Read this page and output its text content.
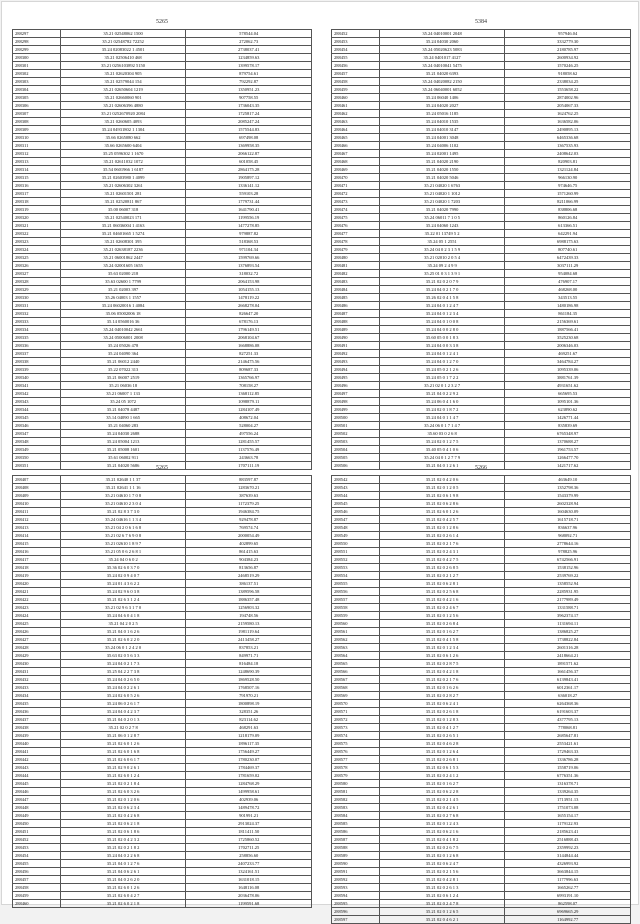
5265
288297	35.21 02548062 1500	578544.04
288298	35.21 02548782 72252	272062.73
288299	35.24 02083022 1 4501	2738037.41
288300	35.21 02506410 468	1234859.63
288301	35.21 0256103892 5150	1399578.17
288302	35.21 02620304 905	879754.61
288303	35.21 02579044 154	792292.87
288304	35.21 02650604 1219	1350951.23
288305	35.21 02660060 901	907758.55
288306	35.21 02606396 4880	1736043.35
288307	35.21 0252670920 2084	1725817.24
288308	35.21 0260605 4093	2085247.24
288309	35.24 04931802 1 1304	1575544.83
288310	35.66 0265080 662	697498.08
288311	35.66 0265600 6404	1369958.35
288312	35.25 0596302 1 1670	2066122.87
288313	35.21 02611032 1072	601058.45
288314	35.54 0601966 1 6187	2864175.28
288315	35.21 02603980 1 4099	1905897.12
288316	35.21 02606302 3261	1336141.12
288317	35.21 02601501 281	559103.28
288318	35.21 02520811 867	1779731.44
288319	35.00 06007 318	1641790.41
288320	35.21 02540023 171	1199556.19
288321	35.21 06036004 1 4163	1477278.85
288322	35.21 04601665 1 5274	979887.82
288323	35.21 02608301 395	518368.53
288324	35.21 02638187 2236	971104.34
288325	35.21 06001862 2447	1599769.66
288326	35.24 02001605 1655	1376893.54
288327	35.63 02000 218	318032.72
288328	35.63 02600 1 7799	2064153.98
288329	35.21 02003 397	1054155.13
288330	35.26 04003 1 1557	1478119.22
288331	35.24 06020016 1 4084	2668278.04
288332	35.06 05002006 18	826647.20
288333	35.14 0560016 36	678176.13
288334	35.24 04010042 2661	1796149.51
288335	35.24 05006001 2008	2068104.67
288336	35.24 05026 478	1668886.08
288337	35.24 04090 364	827251.33
288338	35.21 06012 2440	2146475.56
288339	35.22 07022 313	809687.33
288340	35.21 06007 2519	1365766.97
288341	35.21 06036 18	708158.27
288342	35.21 06007 1 133	1368112.85
288343	35.24 05 1072	1098879.11
288344	35.21 04078 4487	1284107.49
288345	35.14 04090 1 665	408672.04
288346	35.21 04060 283	528004.27
288347	35.24 04030 2688	497556.24
288348	35.24 05004 1213	1281455.57
288349	35.21 05008 1601	1137576.49
288350	35.61 06002 911	243663.78
288351	35.21 04020 5686	1707111.19
5384
288452	35.24 04010001 2048	957946.04
288453	35.24 04030 2060	3332779.30
288454	35.24 05020623 5083	2180785.97
288455	35.24 0401017 4127	2600934.92
288456	35.24 04010041 5475	1570246.25
288457	35.21 04020 6393	918058.62
288458	35.24 04020082 2150	2338034.25
288459	35.24 06040001 6052	1553658.22
288460	35.24 06040 1406	2874002.96
288461	35.24 04020 2027	2054067.33
288462	35.24 05016 1185	1624762.25
288463	35.24 04010 1535	1636582.06
288464	35.24 04010 3147	2490895.13
288465	35.24 04001 3048	6465336.68
288466	35.24 04006 1102	1367535.93
288467	35.24 02001 1495	2408642.03
288468	35.21 04020 2190	820903.81
288469	35.21 04020 1550	1321124.84
288470	35.21 04020 5046	966130.90
288471	35.21 04020 1 6763	974646.75
288472	35.21 04020 1 1012	1571260.99
288473	35.21 04020 1 7203	8211066.99
288474	35.21 04020 7990	838806.68
288475	35.24 06011 7 1 0 5	860126.84
288476	35.24 04060 1243	613366.51
288477	35.22 01 13749 5 2	642291.94
288478	35.24 05 1 2551	6988175.63
288479	35.24 04 0 2 3 1 5 9	807740.61
288480	35.21 02010 2 0 5 4	6472439.33
288481	35.24 09 2 4 9 9	3037111.29
288482	35.25 01 0 3 1 3 9 1	954084.68
288483	35.21 02 0 2 0 7 9	476907.17
288484	35.24 04 0 2 1 7 0	468268.00
288485	35.26 02 0 4 1 5 8	343513.55
288486	35.24 04 0 1 2 4 7	1480186.98
288487	35.24 04 0 1 2 3 4	861184.35
288488	35.24 04 0 1 0 0 8	2156369.61
288489	35.24 04 0 0 2 8 0	1887566.41
288490	35.60 05 0 0 1 8 3	3525230.68
288491	35.24 04 0 0 3 3 8	2006346.03
288492	35.24 04 0 1 2 4 1	469251.67
288493	35.24 04 0 1 2 7 0	3464784.27
288494	35.24 05 0 2 1 2 6	1095339.06
288495	35.24 05 0 1 7 2 2	3881761.39
288496	35.21 02 0 1 2 3 2 7	4931651.62
288497	35.21 04 0 2 2 9 2	665695.53
288498	35.24 06 0 4 1 6 0	1095101.36
288499	35.24 02 0 1 8 7 2	623890.62
288500	35.24 04 0 1 1 4 7	1426771.44
288501	35.24 06 0 1 7 1 4 7	835839.69
288502	35.60 03 0 2 6 8	6765348.97
288503	35.24 02 0 1 2 7 5	1370688.27
288504	35.40 05 0 4 1 0 6	1961753.57
288505	35.24 04 0 1 2 7 7 9	1266477.70
288506	35.21 04 0 1 2 6 1	1421717.62
5265
288407	35.21 02640 1 1 37	883597.87
288408	35.21 02641 1 1 16	1283670.21
288409	35.21 04610 1 7 0 8	387639.63
288410	35.21 04610 2 3 0 4	1172379.25
288411	35.21 02 8 3 7 3 0	1946384.75
288412	35.24 04616 1 1 3 4	929478.87
288413	35.21 04 2 0 6 1 6 8	769574.74
288414	35.21 02 6 7 6 9 0 8	2000054.49
288415	35.21 02610 1 8 9 7	402899.65
288416	35.21 05 0 6 2 6 8 1	861415.63
288417	35.24 04 0 6 0 2	904384.23
288418	35.36 02 6 0 3 7 0	813656.87
288419	35.24 02 0 9 4 0 7	2468519.29
288420	35.24 01 4 3 6 2 2	386137.51
288421	35.24 02 9 6 0 3 8	1389596.58
288422	35.21 02 6 3 1 2 4	1886357.48
288423	35.21 02 9 6 3 1 7 0	1256903.32
288424	35.24 04 6 0 4 1 8	194748.56
288425	35.21 04 2 0 2 5	2159580.13
288426	35.21 04 0 1 6 2 6	1981119.64
288427	35.21 02 6 0 2 2 0	2413458.27
288428	35.24 06 0 1 2 4 2 0	837853.21
288429	35.63 02 0 5 6 3 3	849971.71
288430	35.24 04 0 2 1 7 3	816484.18
288431	35.25 04 2 2 7 3 8	1248690.39
288432	35.24 04 0 2 6 5 0	1869528.50
288433	35.24 04 0 2 2 6 1	1768507.16
288434	35.24 02 6 0 5 2 6	791970.21
288435	35.24 06 0 2 6 1 7	1800898.19
288436	35.24 04 0 4 2 3 7	328351.26
288437	35.21 04 0 2 0 1 3	823114.62
288438	35.21 02 0 2 7 8	468291.63
288439	35.21 06 0 1 2 8 7	1218179.09
288440	35.21 02 6 0 1 2 6	1896117.35
288441	35.21 02 6 0 1 6 8	1756449.27
288442	35.21 02 6 0 6 1 7	1780230.07
288443	35.21 02 9 0 2 6 1	1784469.37
288444	35.21 02 6 0 1 2 4	1781659.02
288445	35.21 02 0 2 1 8 4	1284768.29
288446	35.21 02 6 0 3 2 6	1499958.61
288447	35.21 02 0 1 2 0 6	402939.06
288448	35.21 02 0 6 2 3 4	1489478.72
288449	35.21 02 0 4 2 6 8	901991.21
288450	35.21 02 0 6 2 1 8	2913024.37
288451	35.21 02 0 6 1 8 6	1811411.50
288452	35.21 02 0 4 2 3 2	1725860.52
288453	35.21 02 0 2 1 8 2	1702711.25
288454	35.24 04 0 2 2 6 8	258856.60
288455	35.21 04 0 1 2 7 6	2407233.77
288456	35.21 04 0 6 2 6 1	1324161.51
288457	35.21 04 0 2 6 2 0	1631018.15
288458	35.21 02 6 0 1 2 6	1648116.08
288459	35.21 02 6 0 4 2 7	2036478.06
288460	35.21 02 6 0 2 1 8	1199591.68
5266
288542	35.21 02 0 4 2 0 6	463649.10
288543	35.21 02 0 1 2 0 5	1352798.36
288544	35.21 02 0 6 1 9 8	1543379.99
288545	35.21 02 0 6 2 8 6	2602328.94
288546	35.21 02 6 0 1 2 6	1604630.09
288547	35.21 02 0 4 2 5 7	1615718.71
288548	35.21 02 0 1 2 8 6	836637.96
288549	35.21 02 0 2 6 1 4	968092.71
288550	35.21 02 0 2 1 7 6	2778644.16
288551	35.21 02 0 2 4 3 1	978825.96
288552	35.21 02 0 4 2 7 5	6742566.91
288553	35.21 02 0 2 6 8 5	1538152.96
288554	35.21 02 0 2 1 2 7	2539769.22
288555	35.21 02 0 6 2 8 1	1358552.94
288556	35.21 02 0 2 5 6 8	2285931.95
288557	35.21 02 0 4 2 1 6	2177989.49
288558	35.21 02 0 2 4 6 7	1331588.71
288559	35.21 02 0 1 2 5 6	3962374.17
288560	35.21 02 0 2 6 8 4	1131694.11
288561	35.21 02 0 1 6 2 7	1386825.27
288562	35.21 02 0 4 1 5 8	1738822.84
288563	35.21 02 0 1 2 3 4	2601316.28
288564	35.21 02 0 6 1 2 6	2418664.21
288565	35.21 02 0 2 8 7 5	1891571.62
288566	35.21 02 0 4 2 1 8	1661456.37
288567	35.21 02 0 2 1 7 6	6139843.41
288568	35.21 02 0 1 6 2 6	6012361.17
288569	35.21 02 0 2 8 2 7	636018.27
288570	35.21 02 0 6 2 4 1	6264368.36
288571	35.21 02 0 2 6 1 8	6191603.37
288572	35.21 02 0 1 2 8 3	4377795.13
288573	35.21 02 0 4 1 2 7	778068.81
288574	35.21 02 0 2 6 5 1	2685647.81
288575	35.21 02 0 4 6 2 8	2553421.61
288576	35.21 02 0 1 2 6 4	1729463.33
288577	35.21 02 0 2 6 8 1	1336786.28
288578	35.21 02 0 6 1 5 3	1558719.06
288579	35.21 02 0 2 4 1 2	6776351.36
288580	35.21 02 0 1 6 2 7	1316378.71
288581	35.21 02 0 6 2 2 8	1339264.35
288582	35.21 02 0 2 1 4 5	1713951.13
288583	35.21 02 0 4 2 6 1	1751073.08
288584	35.21 02 0 2 7 6 8	1655154.17
288585	35.21 02 0 1 2 4 3	1179122.93
288586	35.21 02 0 6 2 1 6	2185623.41
288587	35.21 02 0 4 1 8 2	2516888.43
288588	35.21 02 0 2 6 7 5	2359992.23
288589	35.21 02 0 1 2 6 8	3144844.44
288590	35.21 02 0 6 2 4 7	4326993.92
288591	35.21 02 0 2 1 5 6	3663844.15
288592	35.21 02 0 4 2 8 1	1177996.63
288593	35.21 02 0 2 6 1 3	1665262.77
288594	35.21 02 0 6 1 2 4	6993191.10
288595	35.21 02 0 2 4 7 8	862598.07
288596	35.21 02 0 1 2 6 5	6969665.29
288597	35.21 02 0 4 6 2 1	1164992.77
